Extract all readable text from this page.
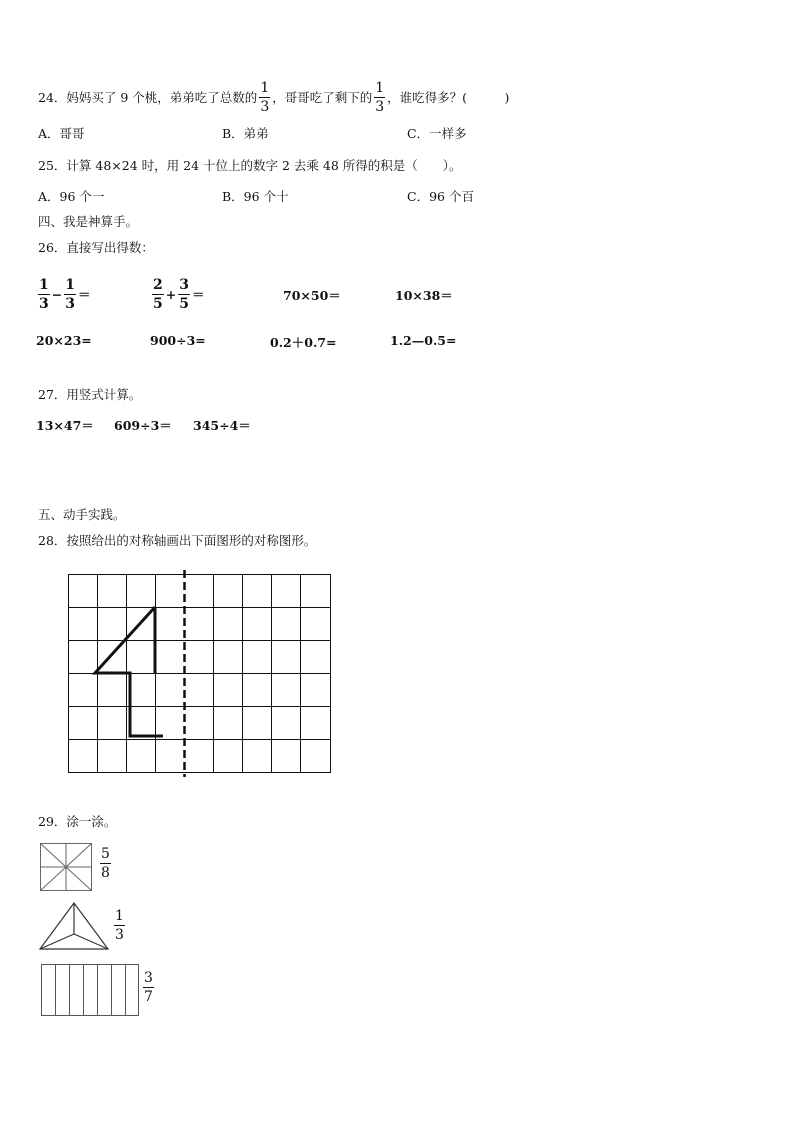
24．妈妈买了 9 个桃，弟弟吃了总数的 $\frac{1}{3}$ ，哥哥吃了剩下的 $\frac{1}{3}$ ，谁吃得多？(　　　)
A．哥哥	B．弟弟	C．一样多
25．计算 48×24 时，用 24 十位上的数字 2 去乘 48 所得的积是（　　）。
A．96 个一	B．96 个十	C．96 个百
四、我是神算手。
26．直接写出得数：
$\frac{1}{3} - \frac{1}{3}$ ＝	$\frac{2}{5} + \frac{3}{5}$ ＝	70×50＝	10×38＝
20×23=	900÷3=	0.2＋0.7=	1.2—0.5=
27．用竖式计算。
13×47＝ 609÷3＝ 345÷4＝
五、动手实践。
28．按照给出的对称轴画出下面图形的对称图形。
29．涂一涂。
$\frac{5}{8}$
$\frac{1}{3}$
$\frac{3}{7}$
